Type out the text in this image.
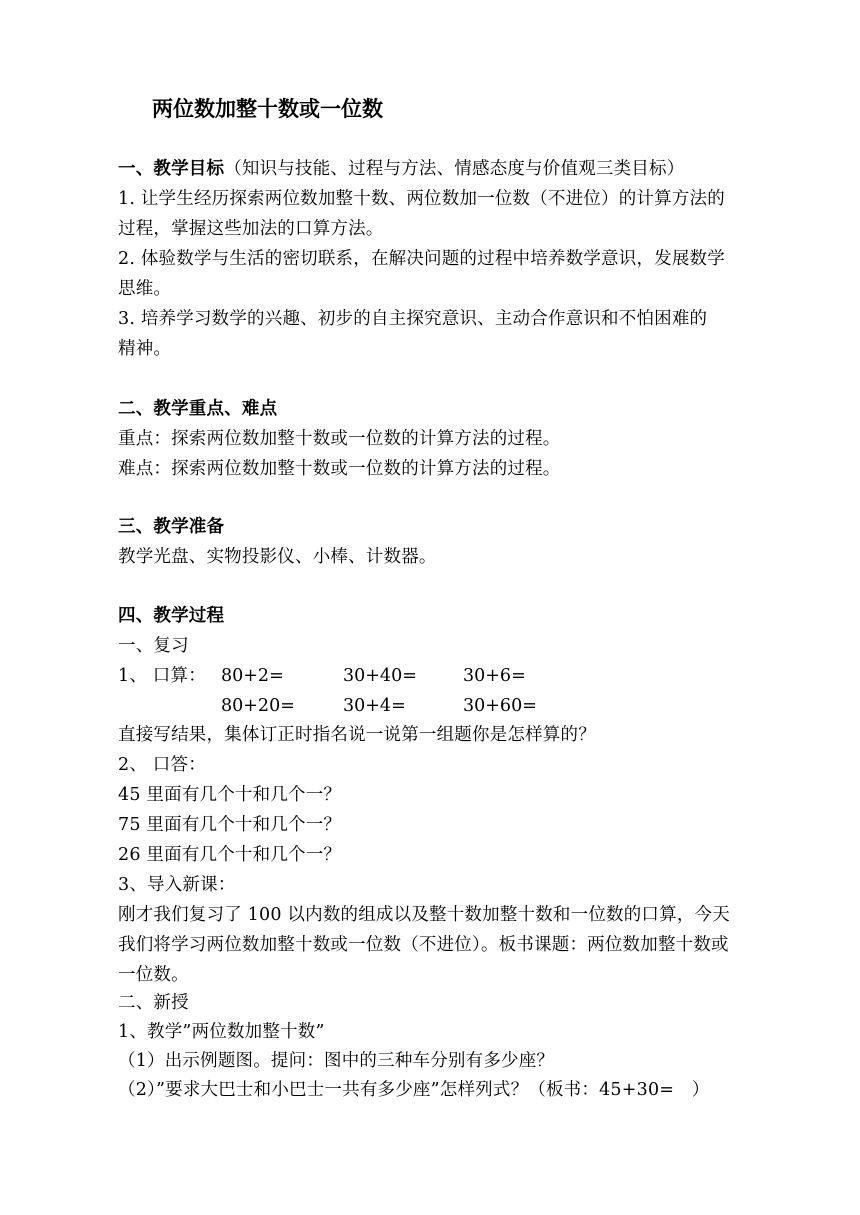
两位数加整十数或一位数
一、教学目标（知识与技能、过程与方法、情感态度与价值观三类目标）
1. 让学生经历探索两位数加整十数、两位数加一位数（不进位）的计算方法的
过程，掌握这些加法的口算方法。
2. 体验数学与生活的密切联系，在解决问题的过程中培养数学意识，发展数学
思维。
3. 培养学习数学的兴趣、初步的自主探究意识、主动合作意识和不怕困难的
精神。
二、教学重点、难点
重点：探索两位数加整十数或一位数的计算方法的过程。
难点：探索两位数加整十数或一位数的计算方法的过程。
三、教学准备
教学光盘、实物投影仪、小棒、计数器。
四、教学过程
一、复习
1、 口算： 80+2=	30+40=	30+6=
80+20=	30+4=	30+60=
直接写结果，集体订正时指名说一说第一组题你是怎样算的？
2、 口答：
45 里面有几个十和几个一？
75 里面有几个十和几个一？
26 里面有几个十和几个一？
3、导入新课：
刚才我们复习了 100 以内数的组成以及整十数加整十数和一位数的口算，今天
我们将学习两位数加整十数或一位数（不进位）。板书课题：两位数加整十数或
一位数。
二、新授
1、教学”两位数加整十数”
（1）出示例题图。提问：图中的三种车分别有多少座？
（2）”要求大巴士和小巴士一共有多少座”怎样列式？（板书：45+30=　）
